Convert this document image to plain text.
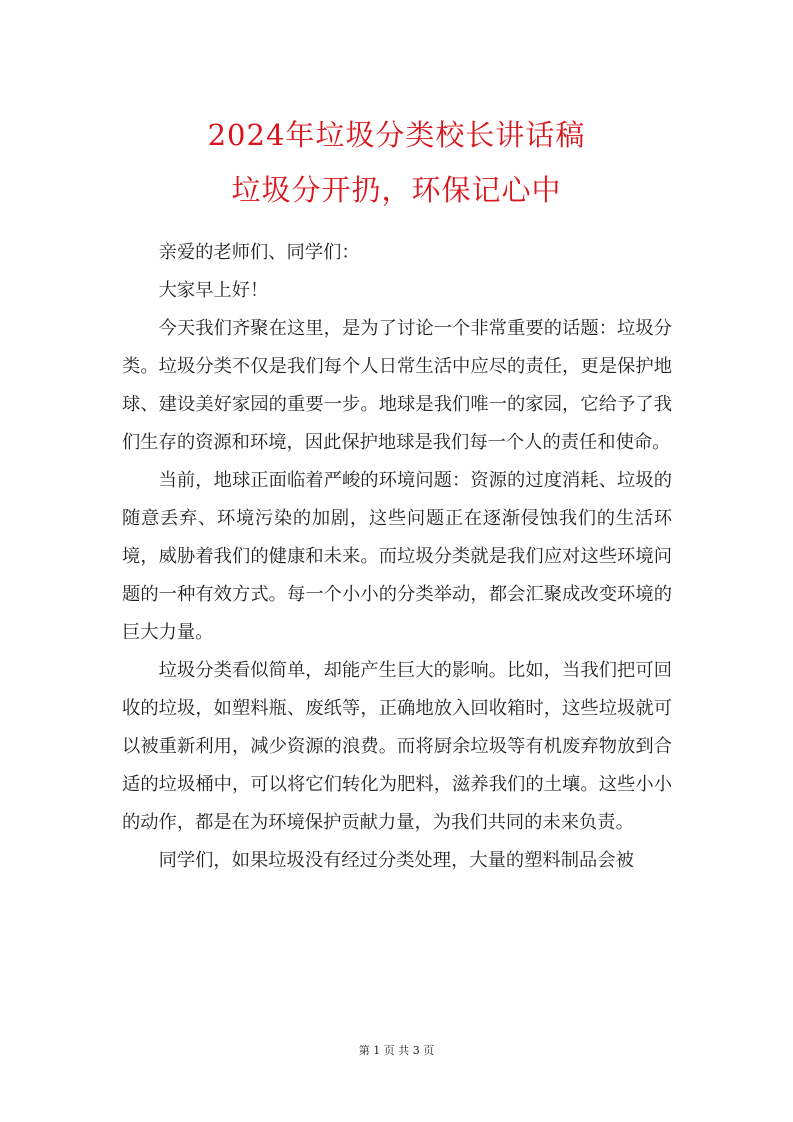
2024年垃圾分类校长讲话稿
垃圾分开扔，环保记心中

亲爱的老师们、同学们：

大家早上好！

今天我们齐聚在这里，是为了讨论一个非常重要的话题：垃圾分类。垃圾分类不仅是我们每个人日常生活中应尽的责任，更是保护地球、建设美好家园的重要一步。地球是我们唯一的家园，它给予了我们生存的资源和环境，因此保护地球是我们每一个人的责任和使命。

当前，地球正面临着严峻的环境问题：资源的过度消耗、垃圾的随意丢弃、环境污染的加剧，这些问题正在逐渐侵蚀我们的生活环境，威胁着我们的健康和未来。而垃圾分类就是我们应对这些环境问题的一种有效方式。每一个小小的分类举动，都会汇聚成改变环境的巨大力量。

垃圾分类看似简单，却能产生巨大的影响。比如，当我们把可回收的垃圾，如塑料瓶、废纸等，正确地放入回收箱时，这些垃圾就可以被重新利用，减少资源的浪费。而将厨余垃圾等有机废弃物放到合适的垃圾桶中，可以将它们转化为肥料，滋养我们的土壤。这些小小的动作，都是在为环境保护贡献力量，为我们共同的未来负责。

同学们，如果垃圾没有经过分类处理，大量的塑料制品会被

第 1 页 共 3 页
